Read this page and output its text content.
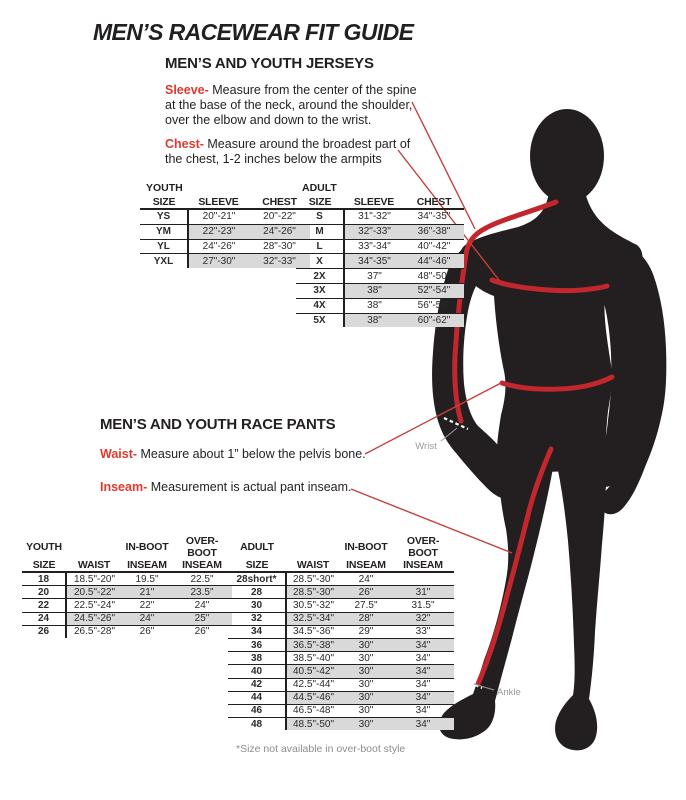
Wrist
Ankle
MEN’S RACEWEAR FIT GUIDE
MEN’S AND YOUTH JERSEYS
Sleeve- Measure from the center of the spine at the base of the neck, around the shoulder, over the elbow and down to the wrist.
Chest- Measure around the broadest part of the chest, 1-2 inches below the armpits
YOUTH
SIZE	SLEEVE	CHEST
YS	20"-21"	20"-22"
YM	22"-23"	24"-26"
YL	24"-26"	28"-30"
YXL	27"-30"	32"-33"
ADULT
SIZE	SLEEVE	CHEST
S	31"-32"	34"-35"
M	32"-33"	36"-38"
L	33"-34"	40"-42"
X	34"-35"	44"-46"
2X	37"	48"-50"
3X	38"	52"-54"
4X	38"	56"-58"
5X	38"	60"-62"
MEN’S AND YOUTH RACE PANTS
Waist- Measure about 1” below the pelvis bone.
Inseam- Measurement is actual pant inseam.
YOUTH		IN-BOOT	OVER-BOOT
SIZE	WAIST	INSEAM	INSEAM
18	18.5"-20"	19.5"	22.5"
20	20.5"-22"	21"	23.5"
22	22.5"-24"	22"	24"
24	24.5"-26"	24"	25"
26	26.5"-28"	26"	26"
ADULT		IN-BOOT	OVER-BOOT
SIZE	WAIST	INSEAM	INSEAM
28short*	28.5"-30"	24"	
28	28.5"-30"	26"	31"
30	30.5"-32"	27.5"	31.5"
32	32.5"-34"	28"	32"
34	34.5"-36"	29"	33"
36	36.5"-38"	30"	34"
38	38.5"-40"	30"	34"
40	40.5"-42"	30"	34"
42	42.5"-44"	30"	34"
44	44.5"-46"	30"	34"
46	46.5"-48"	30"	34"
48	48.5"-50"	30"	34"
*Size not available in over-boot style
